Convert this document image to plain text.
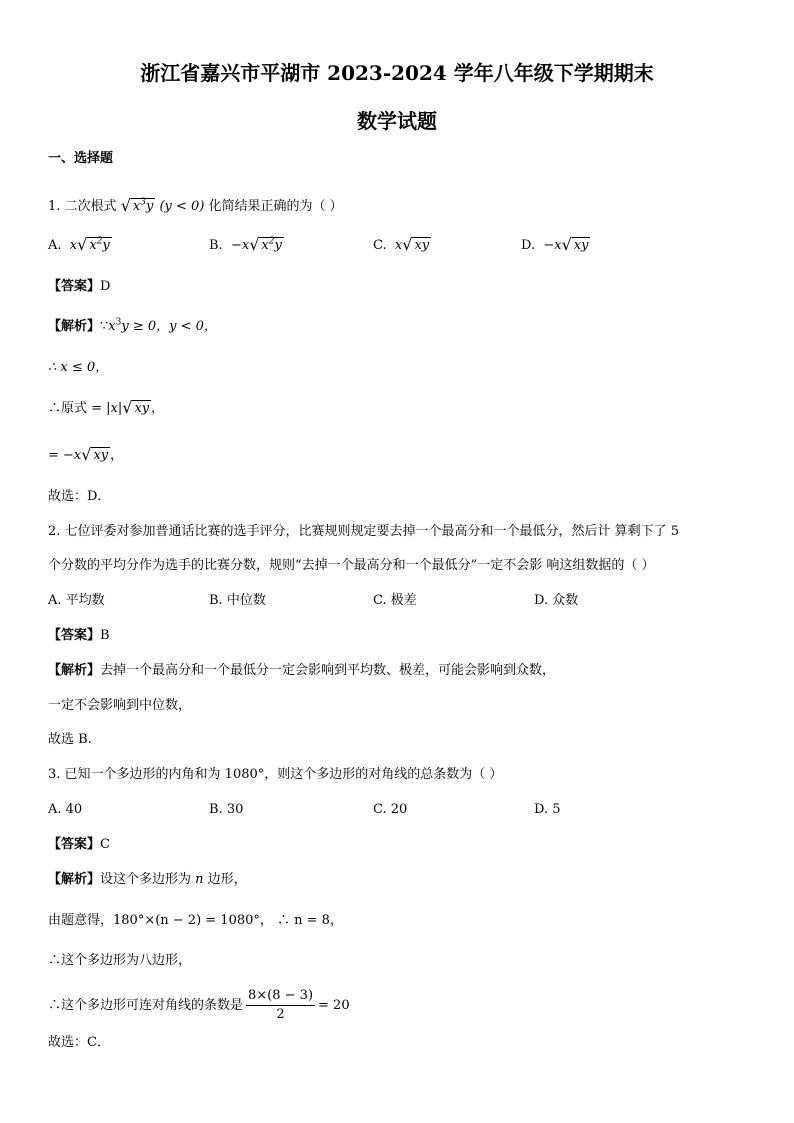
浙江省嘉兴市平湖市 2023-2024 学年八年级下学期期末
数学试题
一、选择题
1. 二次根式 √ $x^3y$ (y < 0) 化简结果正确的为（ ）
A. x√ $x^2y$	B. −x√ $x^2y$	C. x√ xy	D. −x√ xy
【答案】D
【解析】$\because x^3y \ge 0$，y < 0，
∴ x ≤ 0，
∴原式 = |x|√ xy ，
= −x√ xy ，
故选：D．
2. 七位评委对参加普通话比赛的选手评分，比赛规则规定要去掉一个最高分和一个最低分，然后计 算剩下了 5
个分数的平均分作为选手的比赛分数，规则“去掉一个最高分和一个最低分”一定不会影 响这组数据的（ ）
A. 平均数	B. 中位数	C. 极差	D. 众数
【答案】B
【解析】去掉一个最高分和一个最低分一定会影响到平均数、极差，可能会影响到众数，
一定不会影响到中位数，
故选 B.
3. 已知一个多边形的内角和为 1080°，则这个多边形的对角线的总条数为（ ）
A. 40	B. 30	C. 20	D. 5
【答案】C
【解析】设这个多边形为 n 边形，
由题意得，180°×(n − 2) = 1080°， ∴ n = 8，
∴这个多边形为八边形，
∴这个多边形可连对角线的条数是 $\frac{8\times(8 - 3)}{2} = 20$
故选：C．
